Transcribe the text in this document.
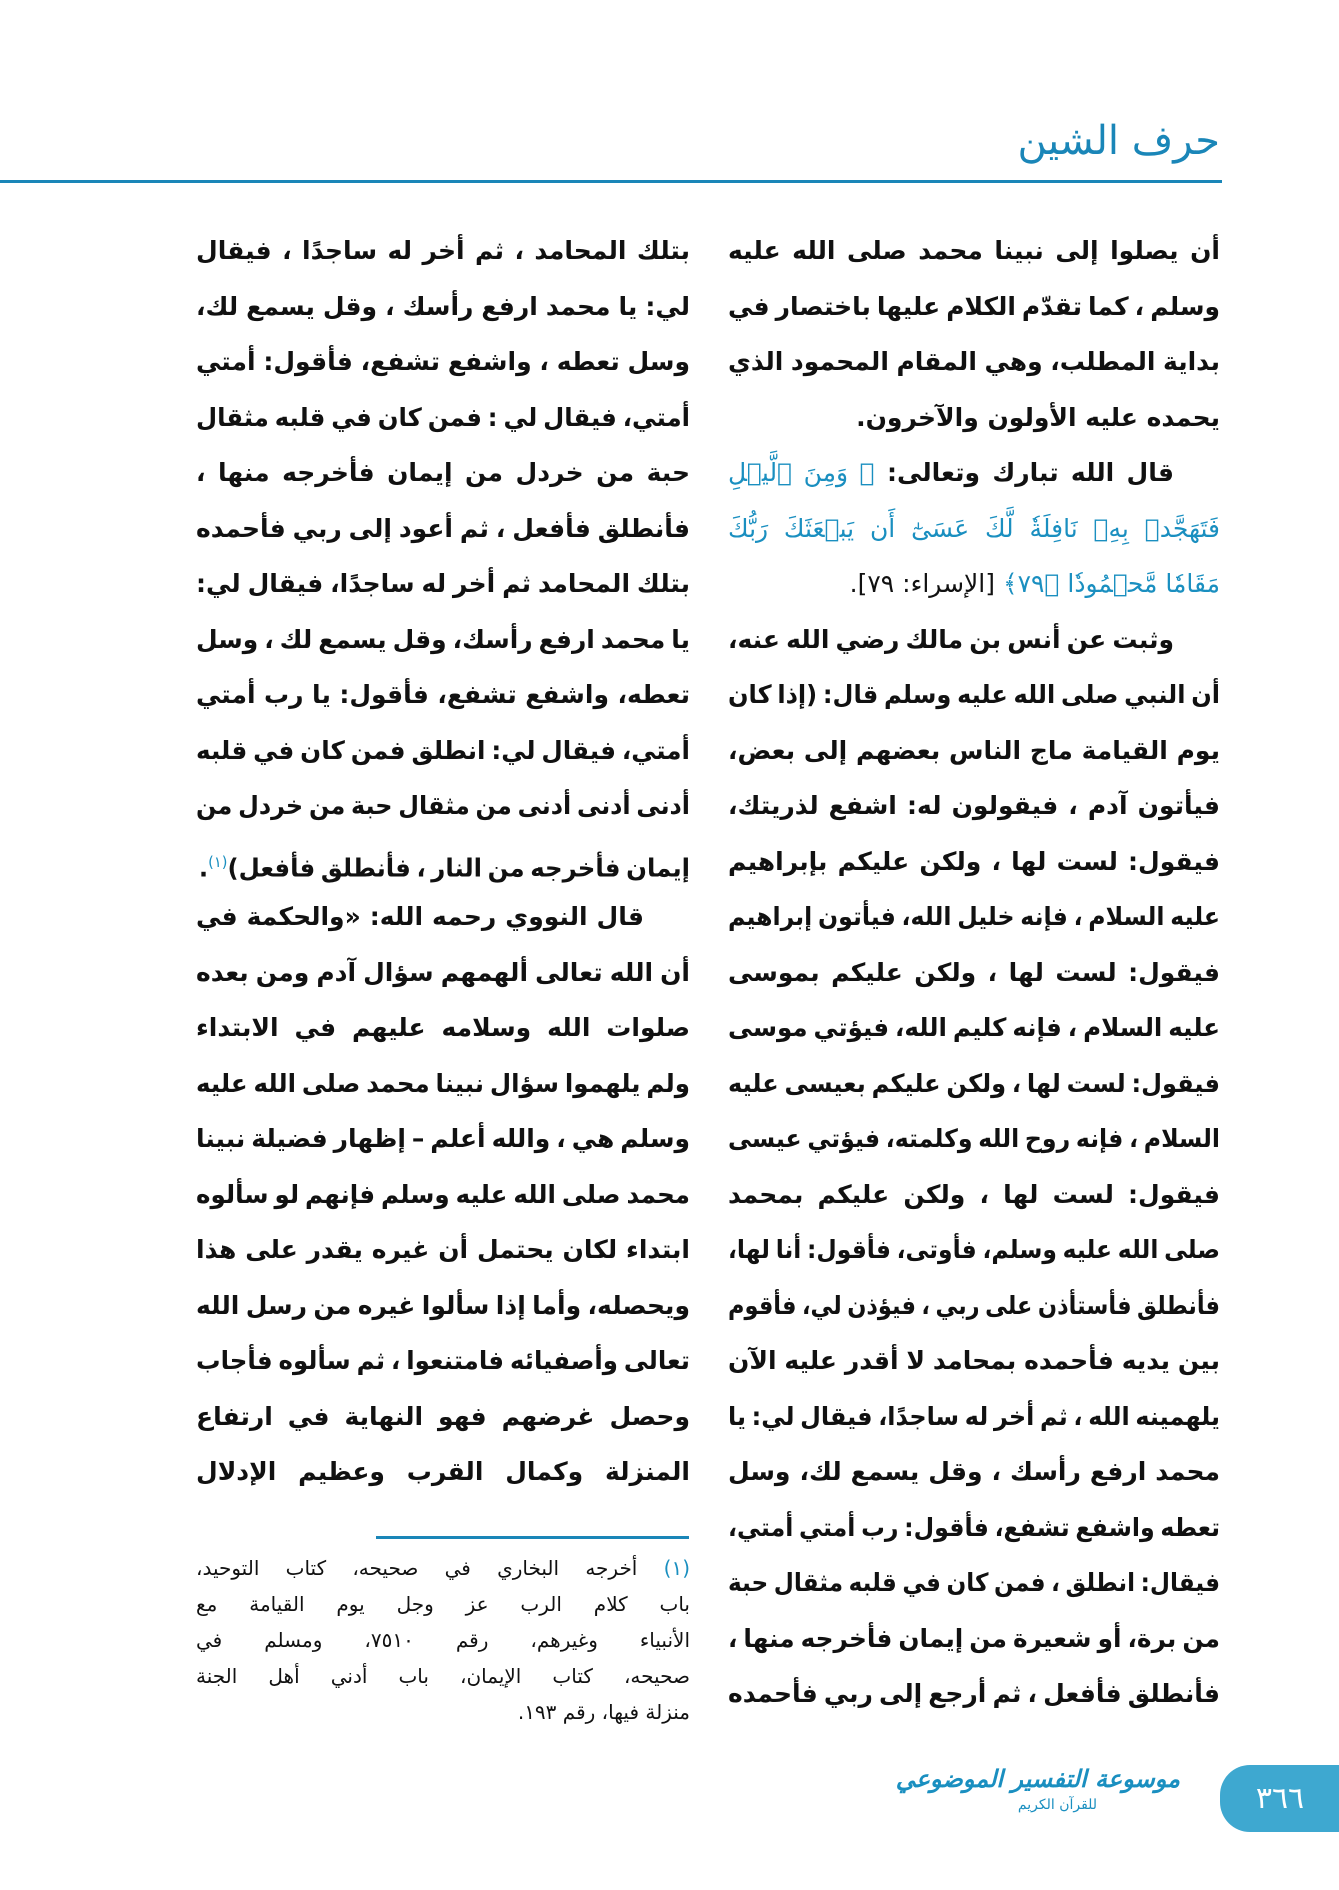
حرف الشين
أن يصلوا إلى نبينا محمد صلى الله عليه
وسلم ، كما تقدّم الكلام عليها باختصار في
بداية المطلب، وهي المقام المحمود الذي
يحمده عليه الأولون والآخرون.
قال الله تبارك وتعالى: ﴿ وَمِنَ ٱلَّيۡلِ
فَتَهَجَّدۡ بِهِۦ نَافِلَةٗ لَّكَ عَسَىٰٓ أَن يَبۡعَثَكَ رَبُّكَ
مَقَامٗا مَّحۡمُودٗا ﴿٧٩﴾ [الإسراء: ٧٩].
وثبت عن أنس بن مالك رضي الله عنه،
أن النبي صلى الله عليه وسلم قال: (إذا كان
يوم القيامة ماج الناس بعضهم إلى بعض،
فيأتون آدم ، فيقولون له: اشفع لذريتك،
فيقول: لست لها ، ولكن عليكم بإبراهيم
عليه السلام ، فإنه خليل الله، فيأتون إبراهيم
فيقول: لست لها ، ولكن عليكم بموسى
عليه السلام ، فإنه كليم الله، فيؤتي موسى
فيقول: لست لها ، ولكن عليكم بعيسى عليه
السلام ، فإنه روح الله وكلمته، فيؤتي عيسى
فيقول: لست لها ، ولكن عليكم بمحمد
صلى الله عليه وسلم، فأوتى، فأقول: أنا لها،
فأنطلق فأستأذن على ربي ، فيؤذن لي، فأقوم
بين يديه فأحمده بمحامد لا أقدر عليه الآن
يلهمينه الله ، ثم أخر له ساجدًا، فيقال لي: يا
محمد ارفع رأسك ، وقل يسمع لك، وسل
تعطه واشفع تشفع، فأقول: رب أمتي أمتي،
فيقال: انطلق ، فمن كان في قلبه مثقال حبة
من برة، أو شعيرة من إيمان فأخرجه منها ،
فأنطلق فأفعل ، ثم أرجع إلى ربي فأحمده
بتلك المحامد ، ثم أخر له ساجدًا ، فيقال
لي: يا محمد ارفع رأسك ، وقل يسمع لك،
وسل تعطه ، واشفع تشفع، فأقول: أمتي
أمتي، فيقال لي : فمن كان في قلبه مثقال
حبة من خردل من إيمان فأخرجه منها ،
فأنطلق فأفعل ، ثم أعود إلى ربي فأحمده
بتلك المحامد ثم أخر له ساجدًا، فيقال لي:
يا محمد ارفع رأسك، وقل يسمع لك ، وسل
تعطه، واشفع تشفع، فأقول: يا رب أمتي
أمتي، فيقال لي: انطلق فمن كان في قلبه
أدنى أدنى أدنى من مثقال حبة من خردل من
إيمان فأخرجه من النار ، فأنطلق فأفعل)$^{(١)}$.
قال النووي رحمه الله: «والحكمة في
أن الله تعالى ألهمهم سؤال آدم ومن بعده
صلوات الله وسلامه عليهم في الابتداء
ولم يلهموا سؤال نبينا محمد صلى الله عليه
وسلم هي ، والله أعلم – إظهار فضيلة نبينا
محمد صلى الله عليه وسلم فإنهم لو سألوه
ابتداء لكان يحتمل أن غيره يقدر على هذا
ويحصله، وأما إذا سألوا غيره من رسل الله
تعالى وأصفيائه فامتنعوا ، ثم سألوه فأجاب
وحصل غرضهم فهو النهاية في ارتفاع
المنزلة وكمال القرب وعظيم الإدلال
(١) أخرجه البخاري في صحيحه، كتاب التوحيد،
باب كلام الرب عز وجل يوم القيامة مع
الأنبياء وغيرهم، رقم ٧٥١٠، ومسلم في
صحيحه، كتاب الإيمان، باب أدني أهل الجنة
منزلة فيها، رقم ١٩٣.
موسوعة التفسير الموضوعي
للقرآن الكريم	٣٦٦
